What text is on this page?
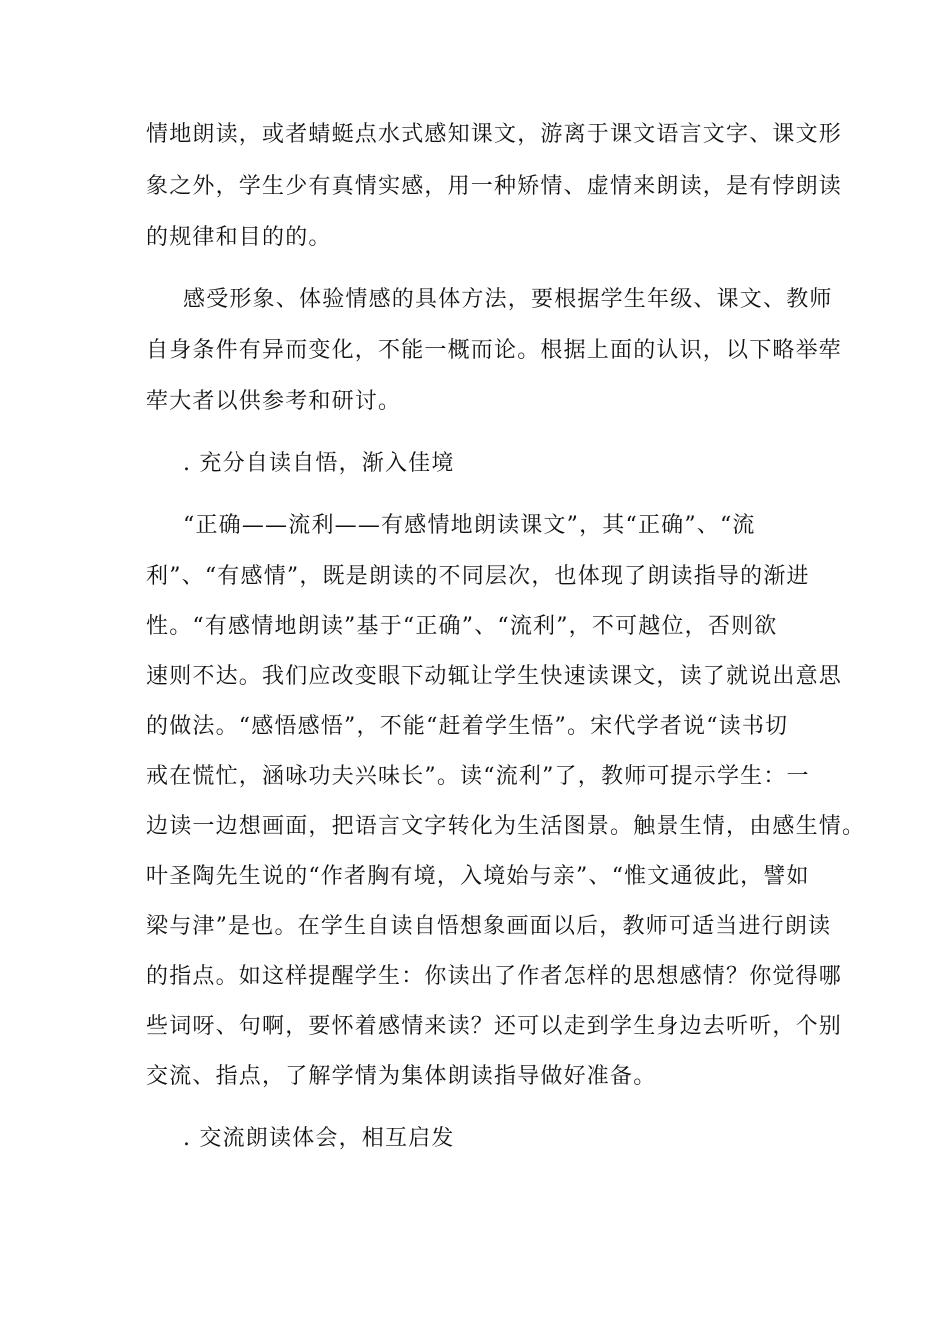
情地朗读，或者蜻蜓点水式感知课文，游离于课文语言文字、课文形
象之外，学生少有真情实感，用一种矫情、虚情来朗读，是有悖朗读
的规律和目的的。
感受形象、体验情感的具体方法，要根据学生年级、课文、教师
自身条件有异而变化，不能一概而论。根据上面的认识，以下略举荦
荦大者以供参考和研讨。
. 充分自读自悟，渐入佳境
“正确——流利——有感情地朗读课文”，其“正确”、“流
利”、“有感情”，既是朗读的不同层次，也体现了朗读指导的渐进
性。“有感情地朗读”基于“正确”、“流利”，不可越位，否则欲
速则不达。我们应改变眼下动辄让学生快速读课文，读了就说出意思
的做法。“感悟感悟”，不能“赶着学生悟”。宋代学者说“读书切
戒在慌忙，涵咏功夫兴味长”。读“流利”了，教师可提示学生：一
边读一边想画面，把语言文字转化为生活图景。触景生情，由感生情。
叶圣陶先生说的“作者胸有境，入境始与亲”、“惟文通彼此，譬如
梁与津”是也。在学生自读自悟想象画面以后，教师可适当进行朗读
的指点。如这样提醒学生：你读出了作者怎样的思想感情？你觉得哪
些词呀、句啊，要怀着感情来读？还可以走到学生身边去听听，个别
交流、指点，了解学情为集体朗读指导做好准备。
. 交流朗读体会，相互启发
